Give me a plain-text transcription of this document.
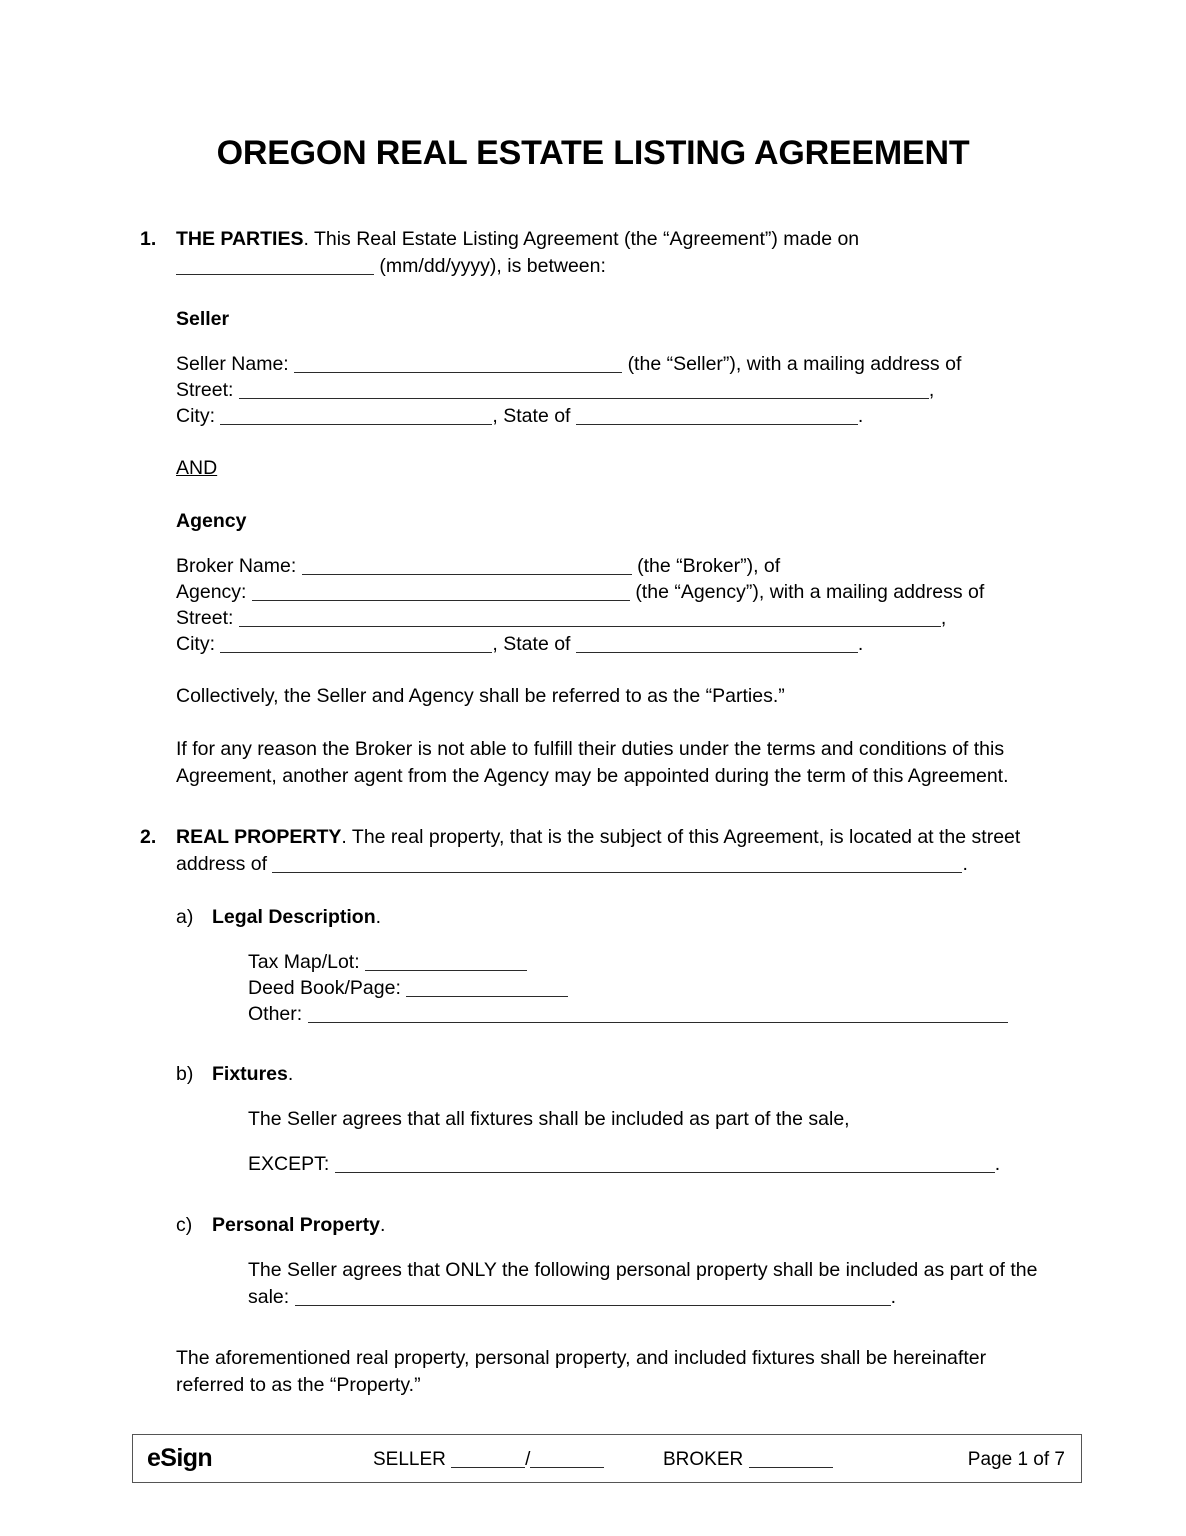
OREGON REAL ESTATE LISTING AGREEMENT
1. THE PARTIES. This Real Estate Listing Agreement (the “Agreement”) made on
(mm/dd/yyyy), is between:
Seller
Seller Name:	(the “Seller”), with a mailing address of
Street:	,
City:	, State of	.
AND
Agency
Broker Name:	(the “Broker”), of
Agency:	(the “Agency”), with a mailing address of
Street:	,
City:	, State of	.
Collectively, the Seller and Agency shall be referred to as the “Parties.”
If for any reason the Broker is not able to fulfill their duties under the terms and conditions of this Agreement, another agent from the Agency may be appointed during the term of this Agreement.
2. REAL PROPERTY. The real property, that is the subject of this Agreement, is located at the street address of	.
a) Legal Description.
Tax Map/Lot:
Deed Book/Page:
Other:
b) Fixtures.
The Seller agrees that all fixtures shall be included as part of the sale,
EXCEPT:	.
c) Personal Property.
The Seller agrees that ONLY the following personal property shall be included as part of the sale:	.
The aforementioned real property, personal property, and included fixtures shall be hereinafter referred to as the “Property.”
eSign	SELLER	/	BROKER	Page 1 of 7
